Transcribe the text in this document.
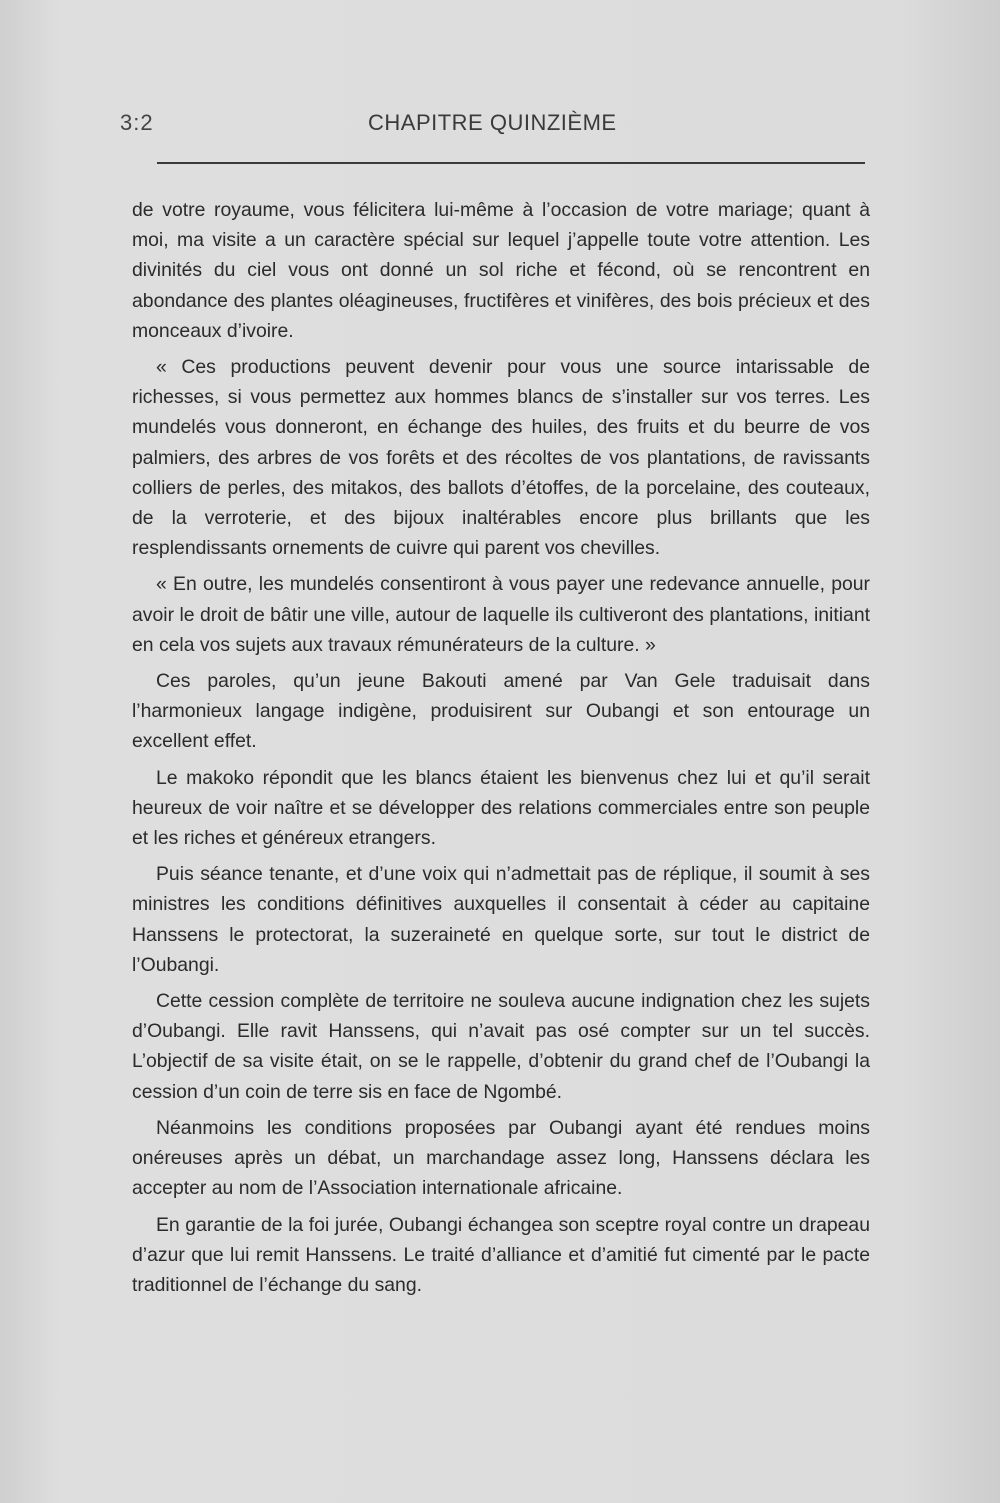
3:2	CHAPITRE QUINZIÈME

de votre royaume, vous félicitera lui-même à l’occasion de votre mariage; quant à moi, ma visite a un caractère spécial sur lequel j’appelle toute votre attention. Les divinités du ciel vous ont donné un sol riche et fécond, où se rencontrent en abondance des plantes oléagineuses, fructifères et vinifères, des bois précieux et des monceaux d’ivoire.

« Ces productions peuvent devenir pour vous une source intarissable de richesses, si vous permettez aux hommes blancs de s’installer sur vos terres. Les mundelés vous donneront, en échange des huiles, des fruits et du beurre de vos palmiers, des arbres de vos forêts et des récoltes de vos plantations, de ravissants colliers de perles, des mitakos, des ballots d’étoffes, de la porcelaine, des couteaux, de la verroterie, et des bijoux inaltérables encore plus brillants que les resplendissants ornements de cuivre qui parent vos chevilles.

« En outre, les mundelés consentiront à vous payer une redevance annuelle, pour avoir le droit de bâtir une ville, autour de laquelle ils cultiveront des plantations, initiant en cela vos sujets aux travaux rémunérateurs de la culture. »

Ces paroles, qu’un jeune Bakouti amené par Van Gele traduisait dans l’harmonieux langage indigène, produisirent sur Oubangi et son entourage un excellent effet.

Le makoko répondit que les blancs étaient les bienvenus chez lui et qu’il serait heureux de voir naître et se développer des relations commerciales entre son peuple et les riches et généreux etrangers.

Puis séance tenante, et d’une voix qui n’admettait pas de réplique, il soumit à ses ministres les conditions définitives auxquelles il consentait à céder au capitaine Hanssens le protectorat, la suzeraineté en quelque sorte, sur tout le district de l’Oubangi.

Cette cession complète de territoire ne souleva aucune indignation chez les sujets d’Oubangi. Elle ravit Hanssens, qui n’avait pas osé compter sur un tel succès. L’objectif de sa visite était, on se le rappelle, d’obtenir du grand chef de l’Oubangi la cession d’un coin de terre sis en face de Ngombé.

Néanmoins les conditions proposées par Oubangi ayant été rendues moins onéreuses après un débat, un marchandage assez long, Hanssens déclara les accepter au nom de l’Association internationale africaine.

En garantie de la foi jurée, Oubangi échangea son sceptre royal contre un drapeau d’azur que lui remit Hanssens. Le traité d’alliance et d’amitié fut cimenté par le pacte traditionnel de l’échange du sang.
